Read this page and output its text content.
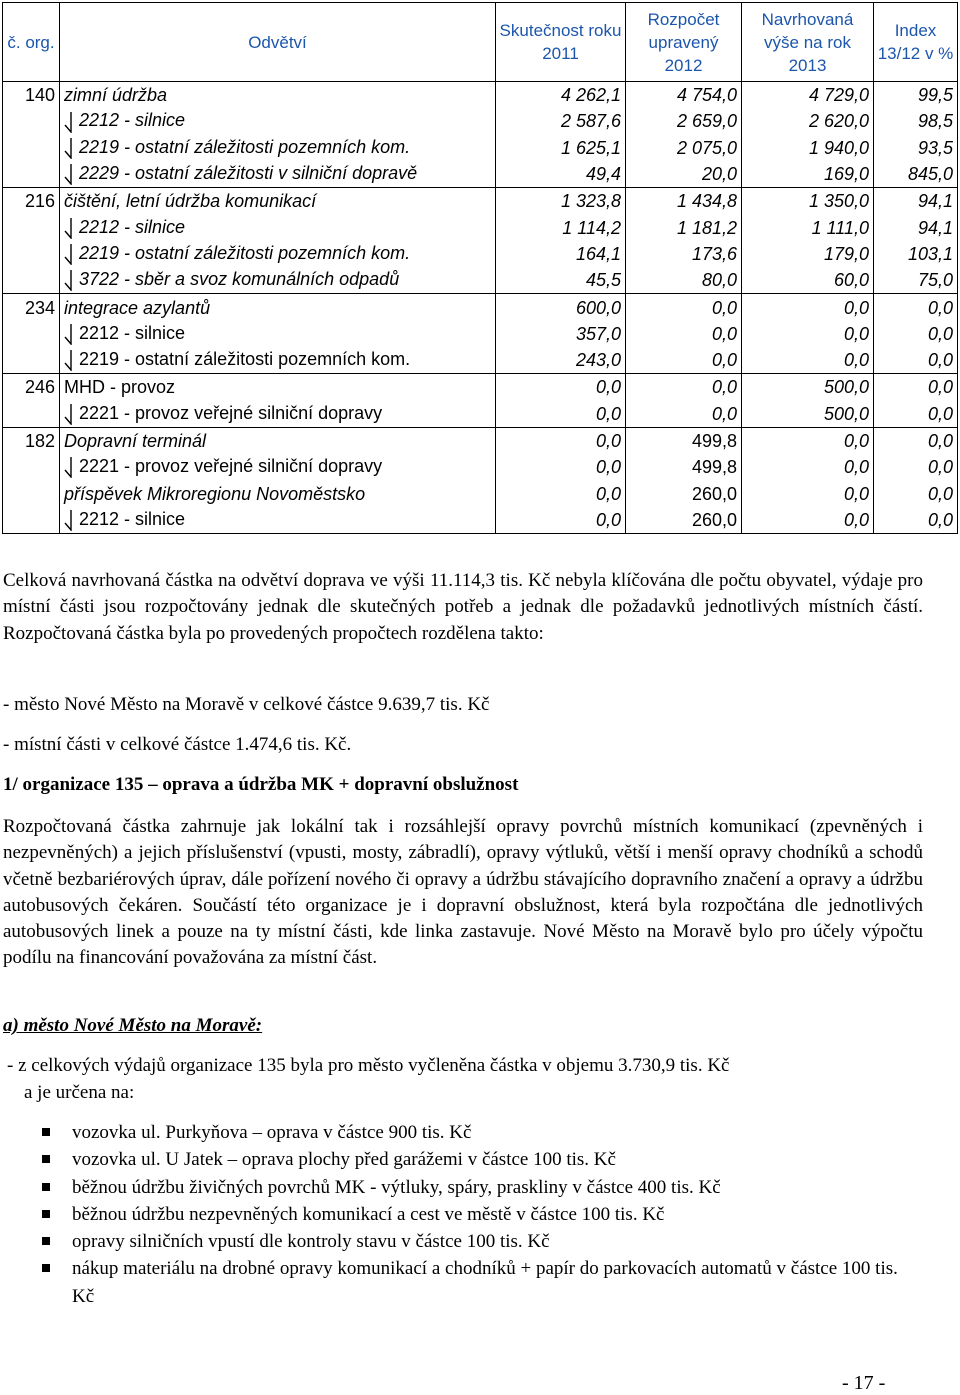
č. org.	Odvětví	Skutečnost roku 2011	Rozpočet upravený 2012	Navrhovaná výše na rok 2013	Index 13/12 v %
140	zimní údržba	4 262,1	4 754,0	4 729,0	99,5
	2212 - silnice	2 587,6	2 659,0	2 620,0	98,5
	2219 - ostatní záležitosti pozemních kom.	1 625,1	2 075,0	1 940,0	93,5
	2229 - ostatní záležitosti v silniční dopravě	49,4	20,0	169,0	845,0
216	čištění, letní údržba komunikací	1 323,8	1 434,8	1 350,0	94,1
	2212 - silnice	1 114,2	1 181,2	1 111,0	94,1
	2219 - ostatní záležitosti pozemních kom.	164,1	173,6	179,0	103,1
	3722 - sběr a svoz komunálních odpadů	45,5	80,0	60,0	75,0
234	integrace azylantů	600,0	0,0	0,0	0,0
	2212 - silnice	357,0	0,0	0,0	0,0
	2219 - ostatní záležitosti pozemních kom.	243,0	0,0	0,0	0,0
246	MHD - provoz	0,0	0,0	500,0	0,0
	2221 - provoz veřejné silniční dopravy	0,0	0,0	500,0	0,0
182	Dopravní terminál	0,0	499,8	0,0	0,0
	2221 - provoz veřejné silniční dopravy	0,0	499,8	0,0	0,0
	příspěvek Mikroregionu Novoměstsko	0,0	260,0	0,0	0,0
	2212 - silnice	0,0	260,0	0,0	0,0

Celková navrhovaná částka na odvětví doprava ve výši 11.114,3 tis. Kč nebyla klíčována dle počtu obyvatel, výdaje pro místní části jsou rozpočtovány jednak dle skutečných potřeb a jednak dle požadavků jednotlivých místních částí. Rozpočtovaná částka byla po provedených propočtech rozdělena takto:

- město Nové Město na Moravě v celkové částce 9.639,7 tis. Kč

- místní části v celkové částce 1.474,6 tis. Kč.

1/ organizace 135 – oprava a údržba MK + dopravní obslužnost

Rozpočtovaná částka zahrnuje jak lokální tak i rozsáhlejší opravy povrchů místních komunikací (zpevněných i nezpevněných) a jejich příslušenství (vpusti, mosty, zábradlí), opravy výtluků, větší i menší opravy chodníků a schodů včetně bezbariérových úprav, dále pořízení nového či opravy a údržbu stávajícího dopravního značení a opravy a údržbu autobusových čekáren. Součástí této organizace je i dopravní obslužnost, která byla rozpočtána dle jednotlivých autobusových linek a pouze na ty místní části, kde linka zastavuje. Nové Město na Moravě bylo pro účely výpočtu podílu na financování považována za místní část.

a) město Nové Město na Moravě:

- z celkových výdajů organizace 135 byla pro město vyčleněna částka v objemu 3.730,9 tis. Kč

a je určena na:

vozovka ul. Purkyňova – oprava v částce 900 tis. Kč
vozovka ul. U Jatek – oprava plochy před garážemi v částce 100 tis. Kč
běžnou údržbu živičných povrchů MK - výtluky, spáry, praskliny v částce 400 tis. Kč
běžnou údržbu nezpevněných komunikací a cest ve městě v částce 100 tis. Kč
opravy silničních vpustí dle kontroly stavu v částce 100 tis. Kč
nákup materiálu na drobné opravy komunikací a chodníků + papír do parkovacích automatů v částce 100 tis. Kč

- 17 -
